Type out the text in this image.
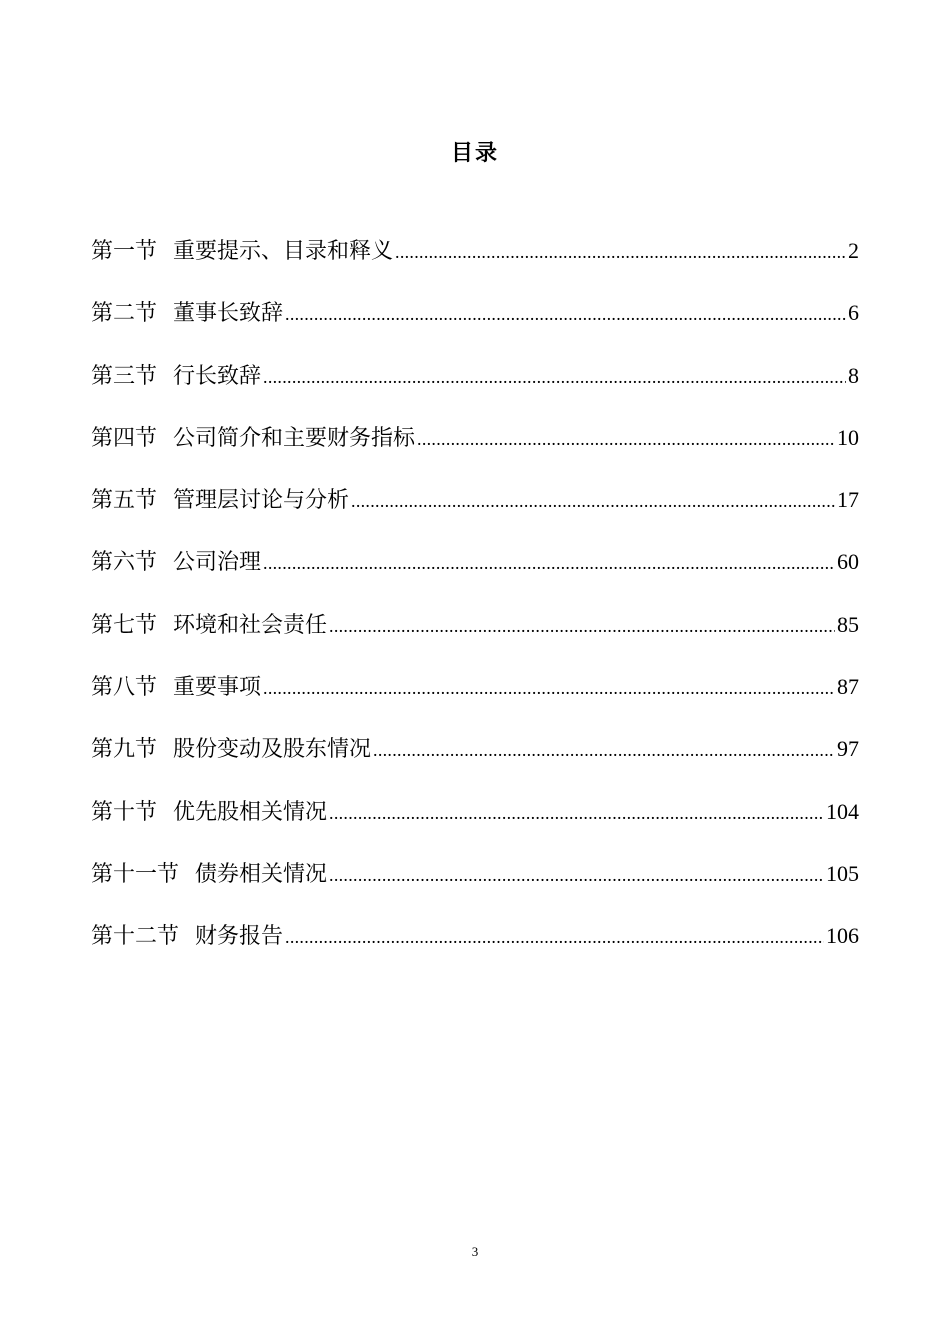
目录
第一节 重要提示、目录和释义 .....	2
第二节 董事长致辞 .....	6
第三节 行长致辞 .....	8
第四节 公司简介和主要财务指标 .....	10
第五节 管理层讨论与分析 .....	17
第六节 公司治理 .....	60
第七节 环境和社会责任 .....	85
第八节 重要事项 .....	87
第九节 股份变动及股东情况 .....	97
第十节 优先股相关情况 .....	104
第十一节 债券相关情况 .....	105
第十二节 财务报告 .....	106
3
